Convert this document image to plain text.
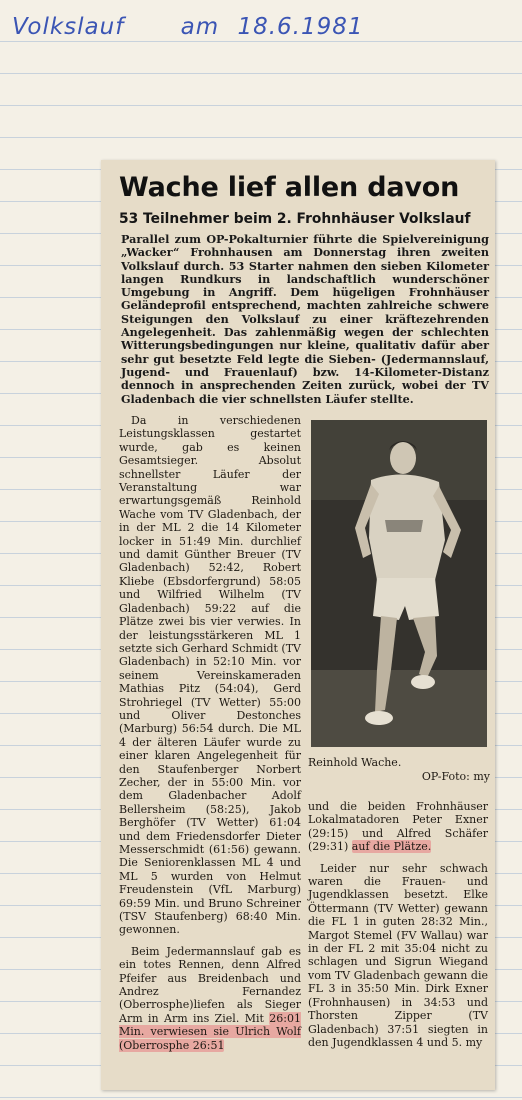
Volkslauf am 18.6.1981
Wache lief allen davon
53 Teilnehmer beim 2. Frohnhäuser Volkslauf
Parallel zum OP-Pokalturnier führte die Spielvereinigung „Wacker“ Frohnhausen am Donnerstag ihren zweiten Volkslauf durch. 53 Starter nahmen den sieben Kilometer langen Rundkurs in landschaftlich wunderschöner Umgebung in Angriff. Dem hügeligen Frohnhäuser Geländeprofil entsprechend, machten zahlreiche schwere Steigungen den Volkslauf zu einer kräftezehrenden Angelegenheit. Das zahlenmäßig wegen der schlechten Witterungsbedingungen nur kleine, qualitativ dafür aber sehr gut besetzte Feld legte die Sieben- (Jedermannslauf, Jugend- und Frauenlauf) bzw. 14-Kilometer-Distanz dennoch in ansprechenden Zeiten zurück, wobei der TV Gladenbach die vier schnellsten Läufer stellte.

Da in verschiedenen Leistungsklassen gestartet wurde, gab es keinen Gesamtsieger. Absolut schnellster Läufer der Veranstaltung war erwartungsgemäß Reinhold Wache vom TV Gladenbach, der in der ML 2 die 14 Kilometer locker in 51:49 Min. durchlief und damit Günther Breuer (TV Gladenbach) 52:42, Robert Kliebe (Ebsdorfergrund) 58:05 und Wilfried Wilhelm (TV Gladenbach) 59:22 auf die Plätze zwei bis vier verwies. In der leistungsstärkeren ML 1 setzte sich Gerhard Schmidt (TV Gladenbach) in 52:10 Min. vor seinem Vereinskameraden Mathias Pitz (54:04), Gerd Strohriegel (TV Wetter) 55:00 und Oliver Destonches (Marburg) 56:54 durch. Die ML 4 der älteren Läufer wurde zu einer klaren Angelegenheit für den Staufenberger Norbert Zecher, der in 55:00 Min. vor dem Gladenbacher Adolf Bellersheim (58:25), Jakob Berghöfer (TV Wetter) 61:04 und dem Friedensdorfer Dieter Messerschmidt (61:56) gewann. Die Seniorenklassen ML 4 und ML 5 wurden von Helmut Freudenstein (VfL Marburg) 69:59 Min. und Bruno Schreiner (TSV Staufenberg) 68:40 Min. gewonnen.

Beim Jedermannslauf gab es ein totes Rennen, denn Alfred Pfeifer aus Breidenbach und Andrez Fernandez (Oberrosphe)liefen als Sieger Arm in Arm ins Ziel. Mit 26:01 Min. verwiesen sie Ulrich Wolf (Oberrosphe 26:51

Reinhold Wache.
OP-Foto: my

und die beiden Frohnhäuser Lokalmatadoren Peter Exner (29:15) und Alfred Schäfer (29:31) auf die Plätze.

Leider nur sehr schwach waren die Frauen- und Jugendklassen besetzt. Elke Öttermann (TV Wetter) gewann die FL 1 in guten 28:32 Min., Margot Stemel (FV Wallau) war in der FL 2 mit 35:04 nicht zu schlagen und Sigrun Wiegand vom TV Gladenbach gewann die FL 3 in 35:50 Min. Dirk Exner (Frohnhausen) in 34:53 und Thorsten Zipper (TV Gladenbach) 37:51 siegten in den Jugendklassen 4 und 5. my
